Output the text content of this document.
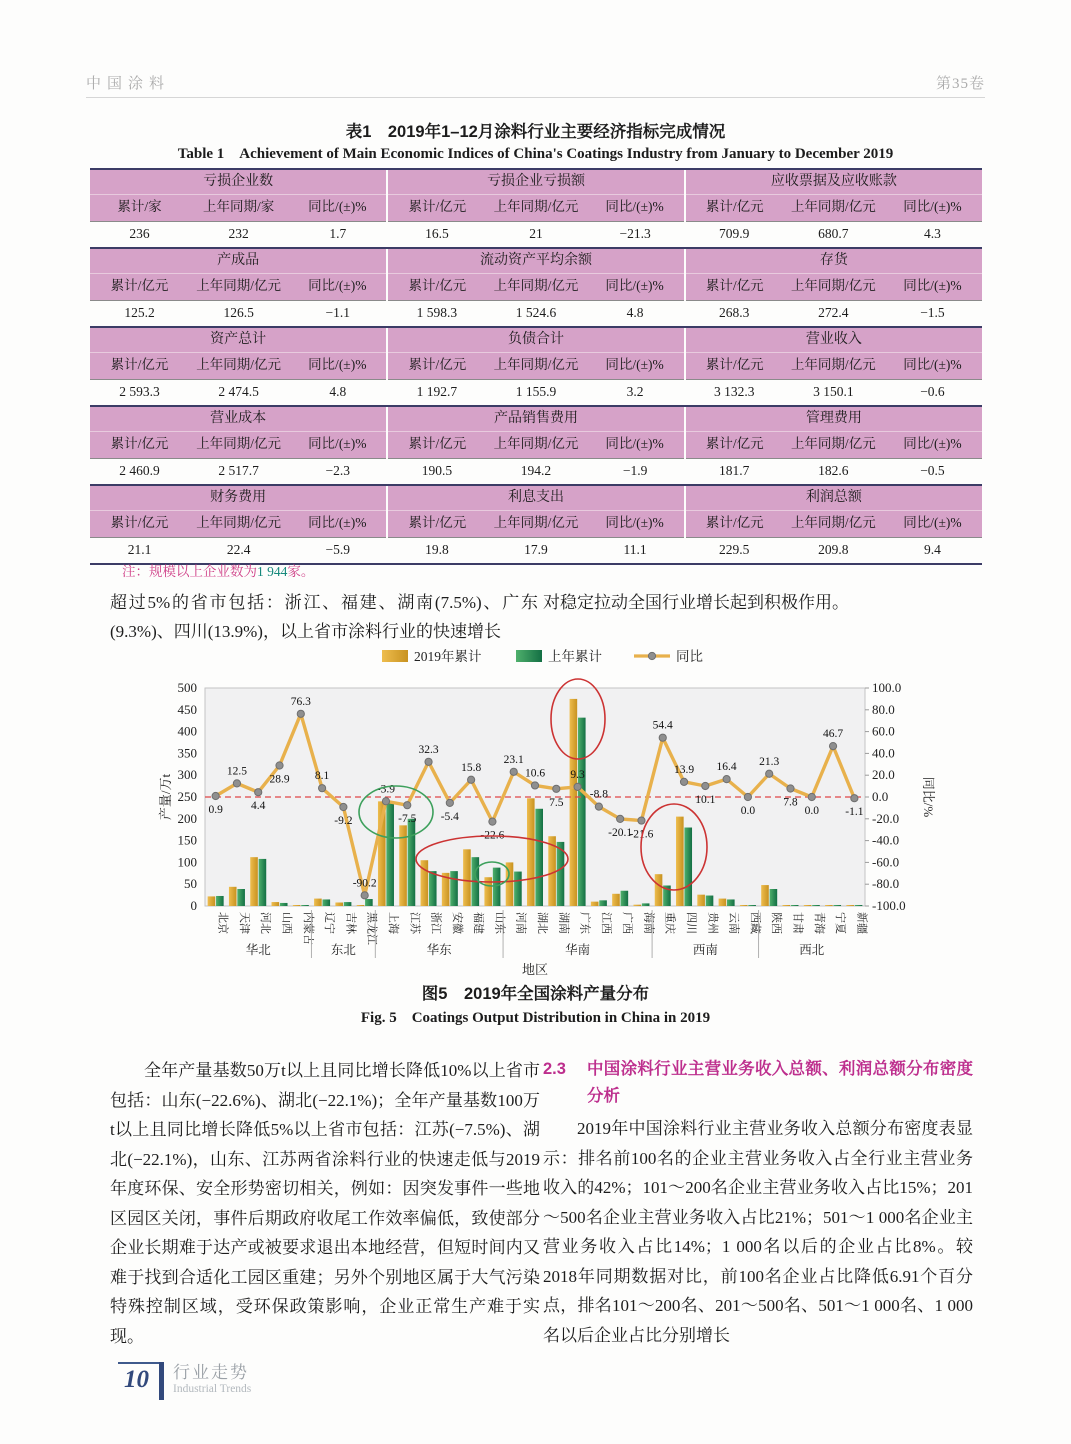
中国涂料	第35卷
表1　2019年1–12月涂料行业主要经济指标完成情况
Table 1　Achievement of Main Economic Indices of China's Coatings Industry from January to December 2019
亏损企业数			亏损企业亏损额			应收票据及应收账款		
累计/家	上年同期/家	同比/(±)%	累计/亿元	上年同期/亿元	同比/(±)%	累计/亿元	上年同期/亿元	同比/(±)%
236	232	1.7	16.5	21	−21.3	709.9	680.7	4.3
产成品			流动资产平均余额			存货		
累计/亿元	上年同期/亿元	同比/(±)%	累计/亿元	上年同期/亿元	同比/(±)%	累计/亿元	上年同期/亿元	同比/(±)%
125.2	126.5	−1.1	1 598.3	1 524.6	4.8	268.3	272.4	−1.5
资产总计			负债合计			营业收入		
累计/亿元	上年同期/亿元	同比/(±)%	累计/亿元	上年同期/亿元	同比/(±)%	累计/亿元	上年同期/亿元	同比/(±)%
2 593.3	2 474.5	4.8	1 192.7	1 155.9	3.2	3 132.3	3 150.1	−0.6
营业成本			产品销售费用			管理费用		
累计/亿元	上年同期/亿元	同比/(±)%	累计/亿元	上年同期/亿元	同比/(±)%	累计/亿元	上年同期/亿元	同比/(±)%
2 460.9	2 517.7	−2.3	190.5	194.2	−1.9	181.7	182.6	−0.5
财务费用			利息支出			利润总额		
累计/亿元	上年同期/亿元	同比/(±)%	累计/亿元	上年同期/亿元	同比/(±)%	累计/亿元	上年同期/亿元	同比/(±)%
21.1	22.4	−5.9	19.8	17.9	11.1	229.5	209.8	9.4
注：规模以上企业数为1 944家。
超过5%的省市包括：浙江、福建、湖南(7.5%)、广东(9.3%)、四川(13.9%)，以上省市涂料行业的快速增长
对稳定拉动全国行业增长起到积极作用。
0
50
100
150
200
250
300
350
400
450
500	100.0
80.0
60.0
40.0
20.0
0.0
-20.0
-40.0
-60.0
-80.0
-100.0
产量/万t	同比/%
0.9
12.5
4.4
28.9
76.3
8.1
-9.2
-90.2
-3.9
-7.5
32.3
-5.4
15.8
-22.6
23.1
10.6
7.5
9.3
-8.8
-20.1
-21.6
54.4
13.9
10.1
16.4
0.0
21.3
7.8
0.0
46.7
-1.1
北京 天津 河北 山西 内蒙古 辽宁 吉林 黑龙江 上海 江苏 浙江 安徽 福建 山东 河南 湖北 湖南 广东 江西 广西 海南 重庆 四川 贵州 云南 西藏 陕西 甘肃 青海 宁夏 新疆
华北	东北	华东	华南	西南	西北
地区
2019年累计	上年累计	同比
图5　2019年全国涂料产量分布
Fig. 5　Coatings Output Distribution in China in 2019
全年产量基数50万t以上且同比增长降低10%以上省市包括：山东(−22.6%)、湖北(−22.1%)；全年产量基数100万t以上且同比增长降低5%以上省市包括：江苏(−7.5%)、湖北(−22.1%)，山东、江苏两省涂料行业的快速走低与2019年度环保、安全形势密切相关，例如：因突发事件一些地区园区关闭，事件后期政府收尾工作效率偏低，致使部分企业长期难于达产或被要求退出本地经营，但短时间内又难于找到合适化工园区重建；另外个别地区属于大气污染特殊控制区域，受环保政策影响，企业正常生产难于实现。
2.3	中国涂料行业主营业务收入总额、利润总额分布密度分析
2019年中国涂料行业主营业务收入总额分布密度表显示：排名前100名的企业主营业务收入占全行业主营业务收入的42%；101～200名企业主营业务收入占比15%；201～500名企业主营业务收入占比21%；501～1 000名企业主营业务收入占比14%；1 000名以后的企业占比8%。较2018年同期数据对比，前100名企业占比降低6.91个百分点，排名101～200名、201～500名、501～1 000名、1 000名以后企业占比分别增长
10	行业走势
Industrial Trends
